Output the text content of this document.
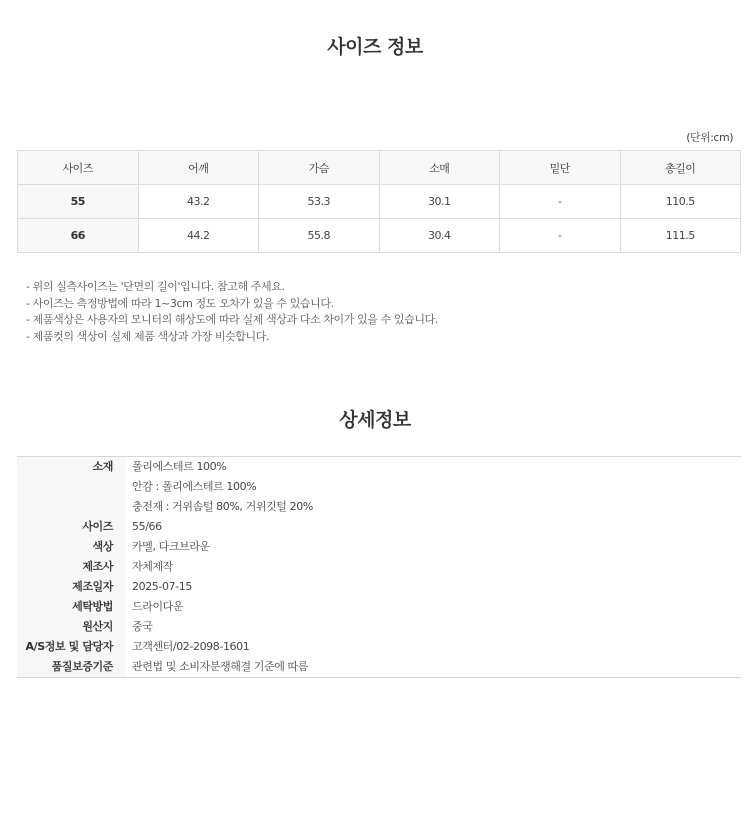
사이즈 정보
(단위:cm)
사이즈	어깨	가슴	소매	밑단	총길이
55	43.2	53.3	30.1	-	110.5
66	44.2	55.8	30.4	-	111.5
- 위의 실측사이즈는 '단면의 길이'입니다. 참고해 주세요.
- 사이즈는 측정방법에 따라 1~3cm 정도 오차가 있을 수 있습니다.
- 제품색상은 사용자의 모니터의 해상도에 따라 실제 색상과 다소 차이가 있을 수 있습니다.
- 제품컷의 색상이 실제 제품 색상과 가장 비슷합니다.
상세정보
소재	폴리에스테르 100%
안감 : 폴리에스테르 100%
충전재 : 거위솜털 80%, 거위깃털 20%

사이즈	55/66

색상	카멜, 다크브라운

제조사	자체제작

제조일자	2025-07-15

세탁방법	드라이다운

원산지	중국

A/S정보 및 담당자	고객센터/02-2098-1601

품질보증기준	관련법 및 소비자분쟁해결 기준에 따름
